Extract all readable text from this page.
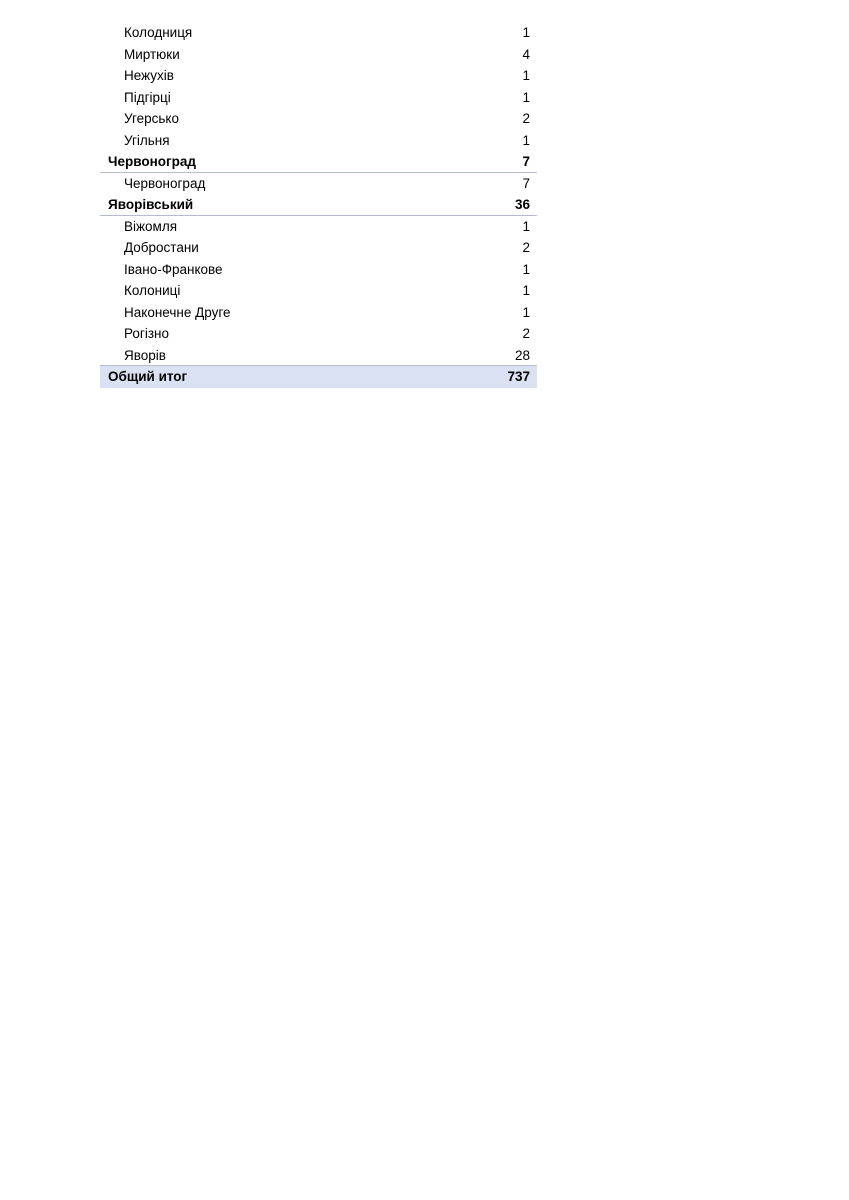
Колодниця	1
Миртюки	4
Нежухів	1
Підгірці	1
Угерсько	2
Угільня	1
Червоноград	7
Червоноград	7
Яворівський	36
Віжомля	1
Добростани	2
Івано-Франкове	1
Колониці	1
Наконечне Друге	1
Рогізно	2
Яворів	28
Общий итог	737
